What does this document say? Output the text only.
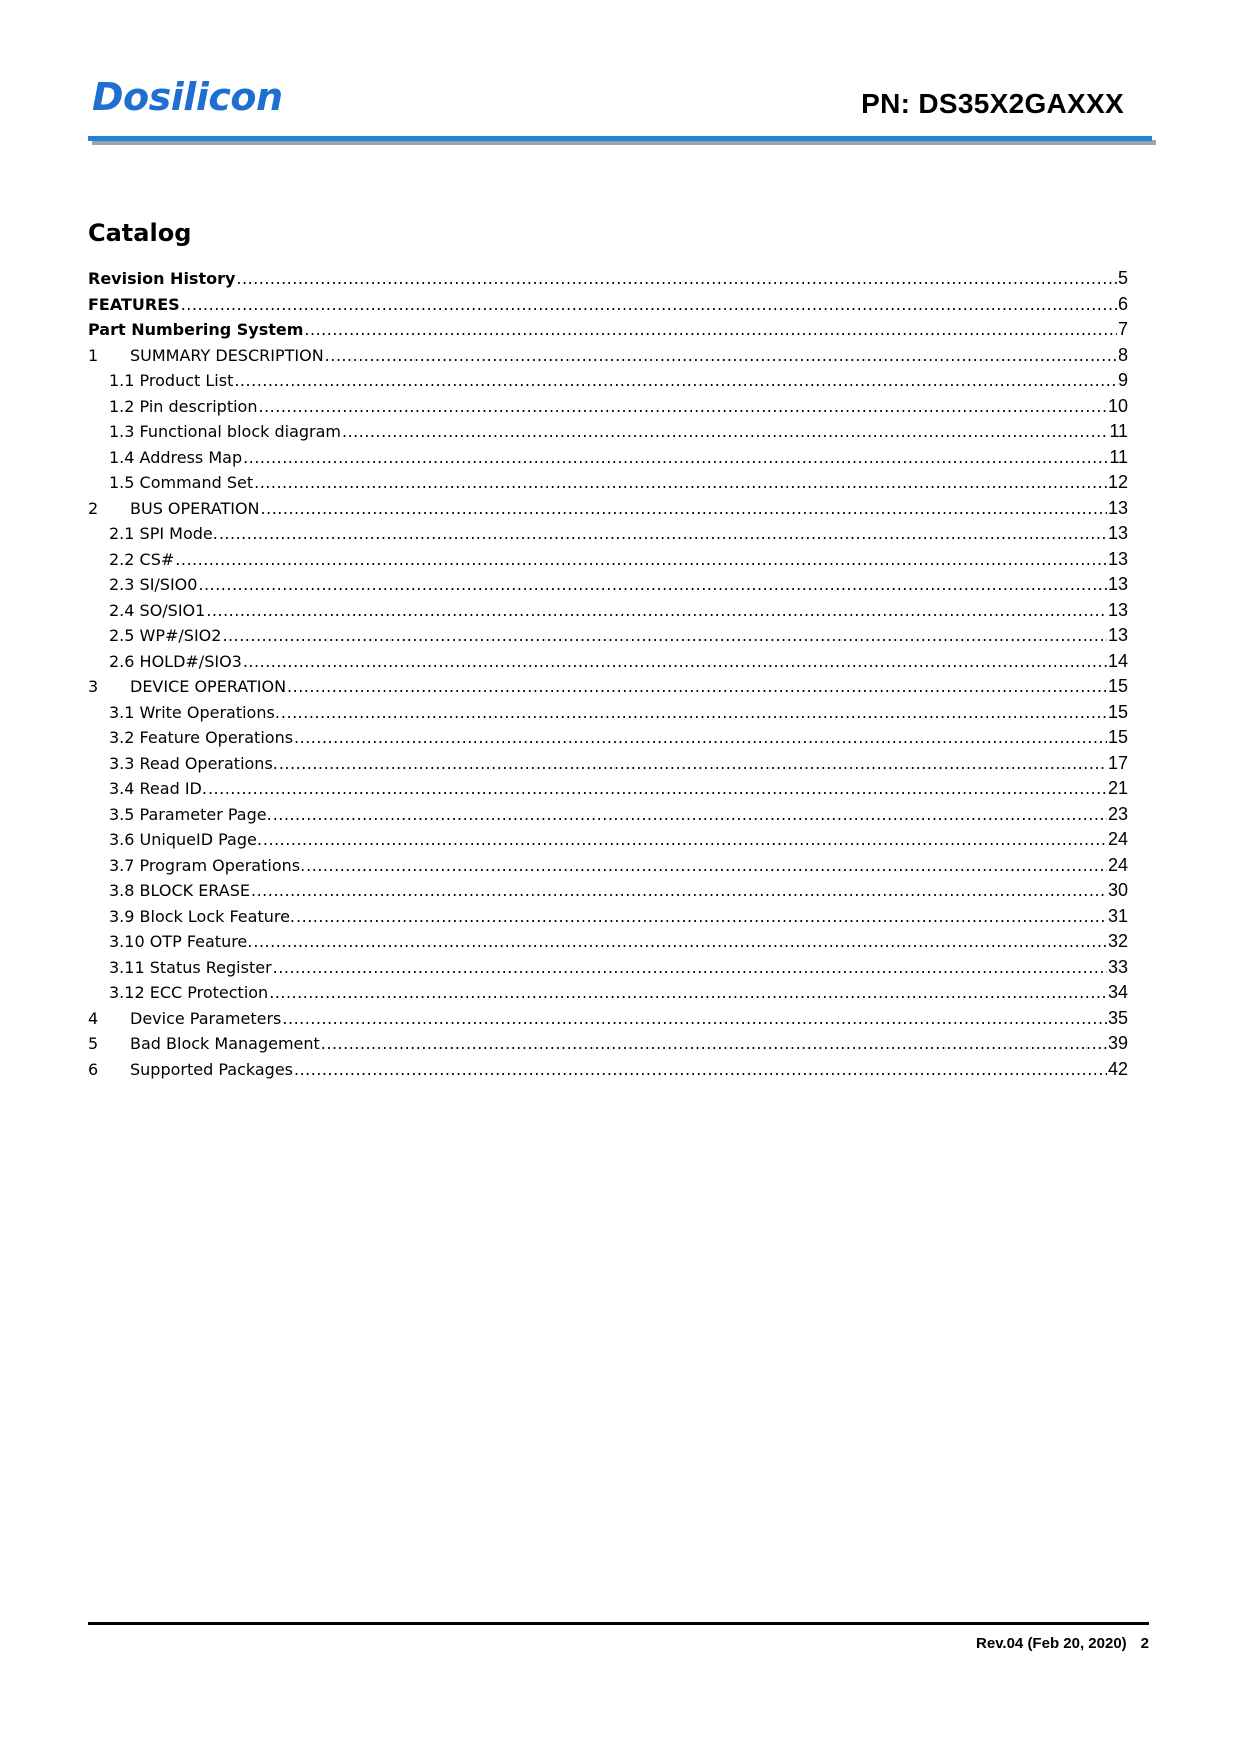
Dosilicon	PN: DS35X2GAXXX
Catalog
Revision History .....	5
FEATURES .....	6
Part Numbering System .....	7
1	SUMMARY DESCRIPTION .....	8
1.1 Product List .....	9
1.2 Pin description .....	10
1.3 Functional block diagram .....	11
1.4 Address Map .....	11
1.5 Command Set .....	12
2	BUS OPERATION .....	13
2.1 SPI Mode. .....	13
2.2 CS# .....	13
2.3 SI/SIO0 .....	13
2.4 SO/SIO1 .....	13
2.5 WP#/SIO2 .....	13
2.6 HOLD#/SIO3 .....	14
3	DEVICE OPERATION .....	15
3.1 Write Operations. .....	15
3.2 Feature Operations .....	15
3.3 Read Operations. .....	17
3.4 Read ID. .....	21
3.5 Parameter Page. .....	23
3.6 UniqueID Page. .....	24
3.7 Program Operations. .....	24
3.8 BLOCK ERASE .....	30
3.9 Block Lock Feature. .....	31
3.10 OTP Feature. .....	32
3.11 Status Register .....	33
3.12 ECC Protection .....	34
4	Device Parameters .....	35
5	Bad Block Management .....	39
6	Supported Packages .....	42
Rev.04 (Feb 20, 2020) 2
